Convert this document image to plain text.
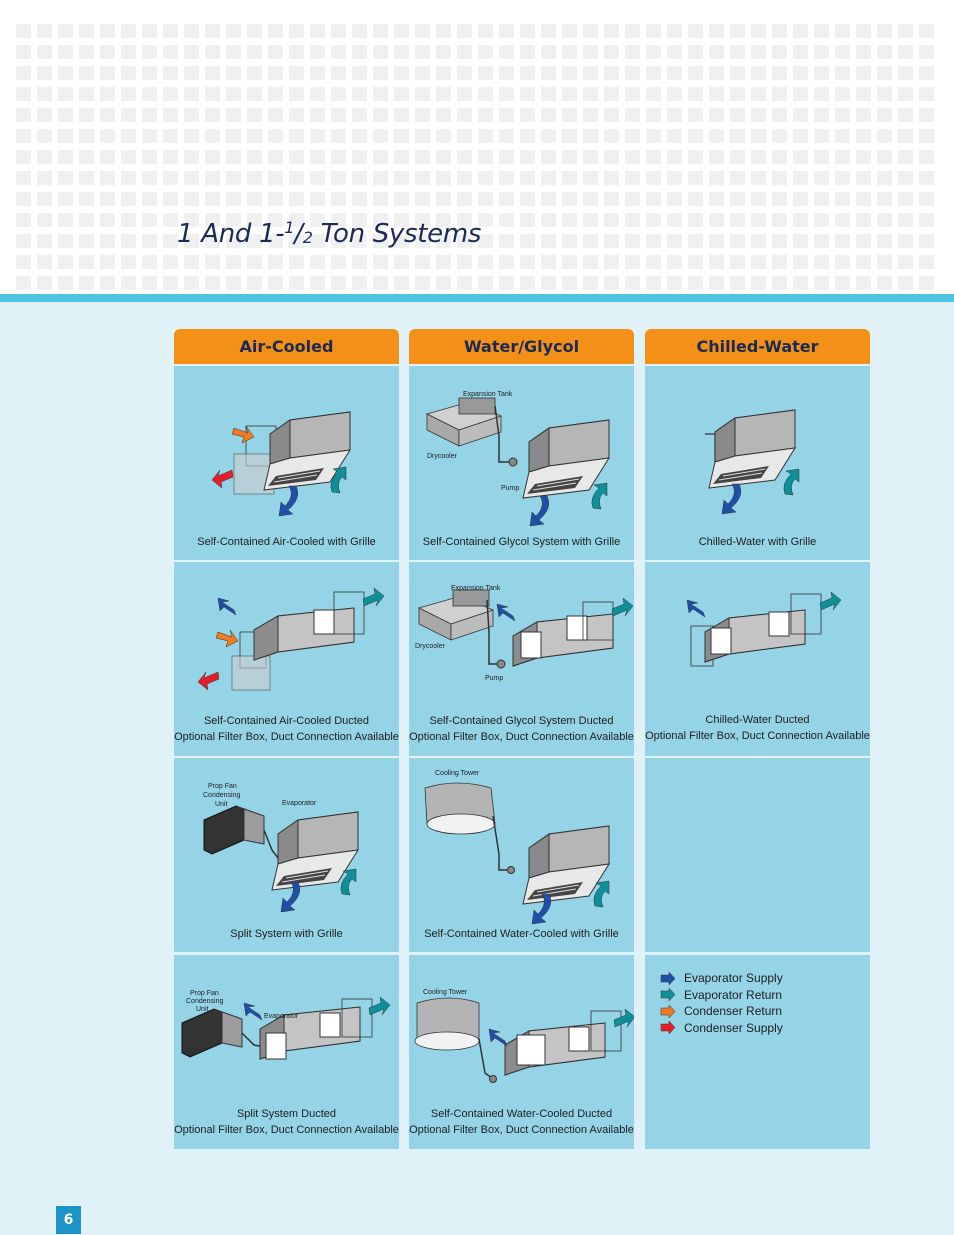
1 And $1-^1/_2$ Ton Systems
Air-Cooled	Water/Glycol	Chilled-Water
Self-Contained Air-Cooled with Grille
Expansion Tank
Drycooler
Pump
Self-Contained Glycol System with Grille	Chilled-Water with Grille
Self-Contained Air-Cooled Ducted
Optional Filter Box, Duct Connection Available
Expansion Tank
Drycooler
Pump
Self-Contained Glycol System Ducted
Optional Filter Box, Duct Connection Available
Chilled-Water Ducted
Optional Filter Box, Duct Connection Available
Prop Fan
Condensing
Unit	Evaporator
Split System with Grille
Cooling Tower
Self-Contained Water-Cooled with Grille
Prop Fan
Condensing
Unit
Evaporator
Split System Ducted
Optional Filter Box, Duct Connection Available
Cooling Tower
Self-Contained Water-Cooled Ducted
Optional Filter Box, Duct Connection Available
Evaporator Supply
Evaporator Return
Condenser Return
Condenser Supply
6
